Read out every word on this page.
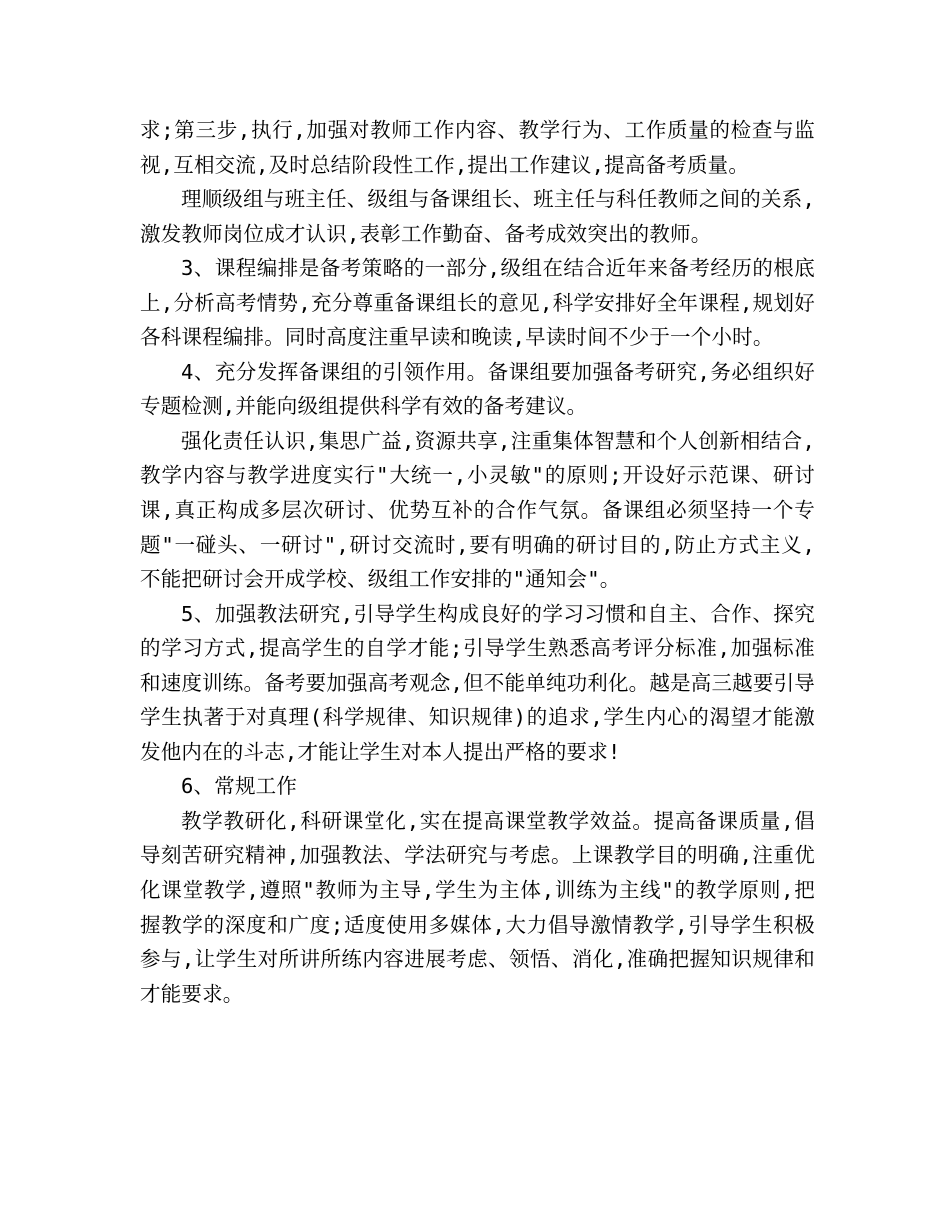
求;第三步,执行,加强对教师工作内容、教学行为、工作质量的检查与监视,互相交流,及时总结阶段性工作,提出工作建议,提高备考质量。

理顺级组与班主任、级组与备课组长、班主任与科任教师之间的关系,激发教师岗位成才认识,表彰工作勤奋、备考成效突出的教师。

3、课程编排是备考策略的一部分,级组在结合近年来备考经历的根底上,分析高考情势,充分尊重备课组长的意见,科学安排好全年课程,规划好各科课程编排。同时高度注重早读和晚读,早读时间不少于一个小时。

4、充分发挥备课组的引领作用。备课组要加强备考研究,务必组织好专题检测,并能向级组提供科学有效的备考建议。

强化责任认识,集思广益,资源共享,注重集体智慧和个人创新相结合,教学内容与教学进度实行"大统一,小灵敏"的原则;开设好示范课、研讨课,真正构成多层次研讨、优势互补的合作气氛。备课组必须坚持一个专题"一碰头、一研讨",研讨交流时,要有明确的研讨目的,防止方式主义,不能把研讨会开成学校、级组工作安排的"通知会"。

5、加强教法研究,引导学生构成良好的学习习惯和自主、合作、探究的学习方式,提高学生的自学才能;引导学生熟悉高考评分标准,加强标准和速度训练。备考要加强高考观念,但不能单纯功利化。越是高三越要引导学生执著于对真理(科学规律、知识规律)的追求,学生内心的渴望才能激发他内在的斗志,才能让学生对本人提出严格的要求!

6、常规工作

教学教研化,科研课堂化,实在提高课堂教学效益。提高备课质量,倡导刻苦研究精神,加强教法、学法研究与考虑。上课教学目的明确,注重优化课堂教学,遵照"教师为主导,学生为主体,训练为主线"的教学原则,把握教学的深度和广度;适度使用多媒体,大力倡导激情教学,引导学生积极参与,让学生对所讲所练内容进展考虑、领悟、消化,准确把握知识规律和才能要求。
